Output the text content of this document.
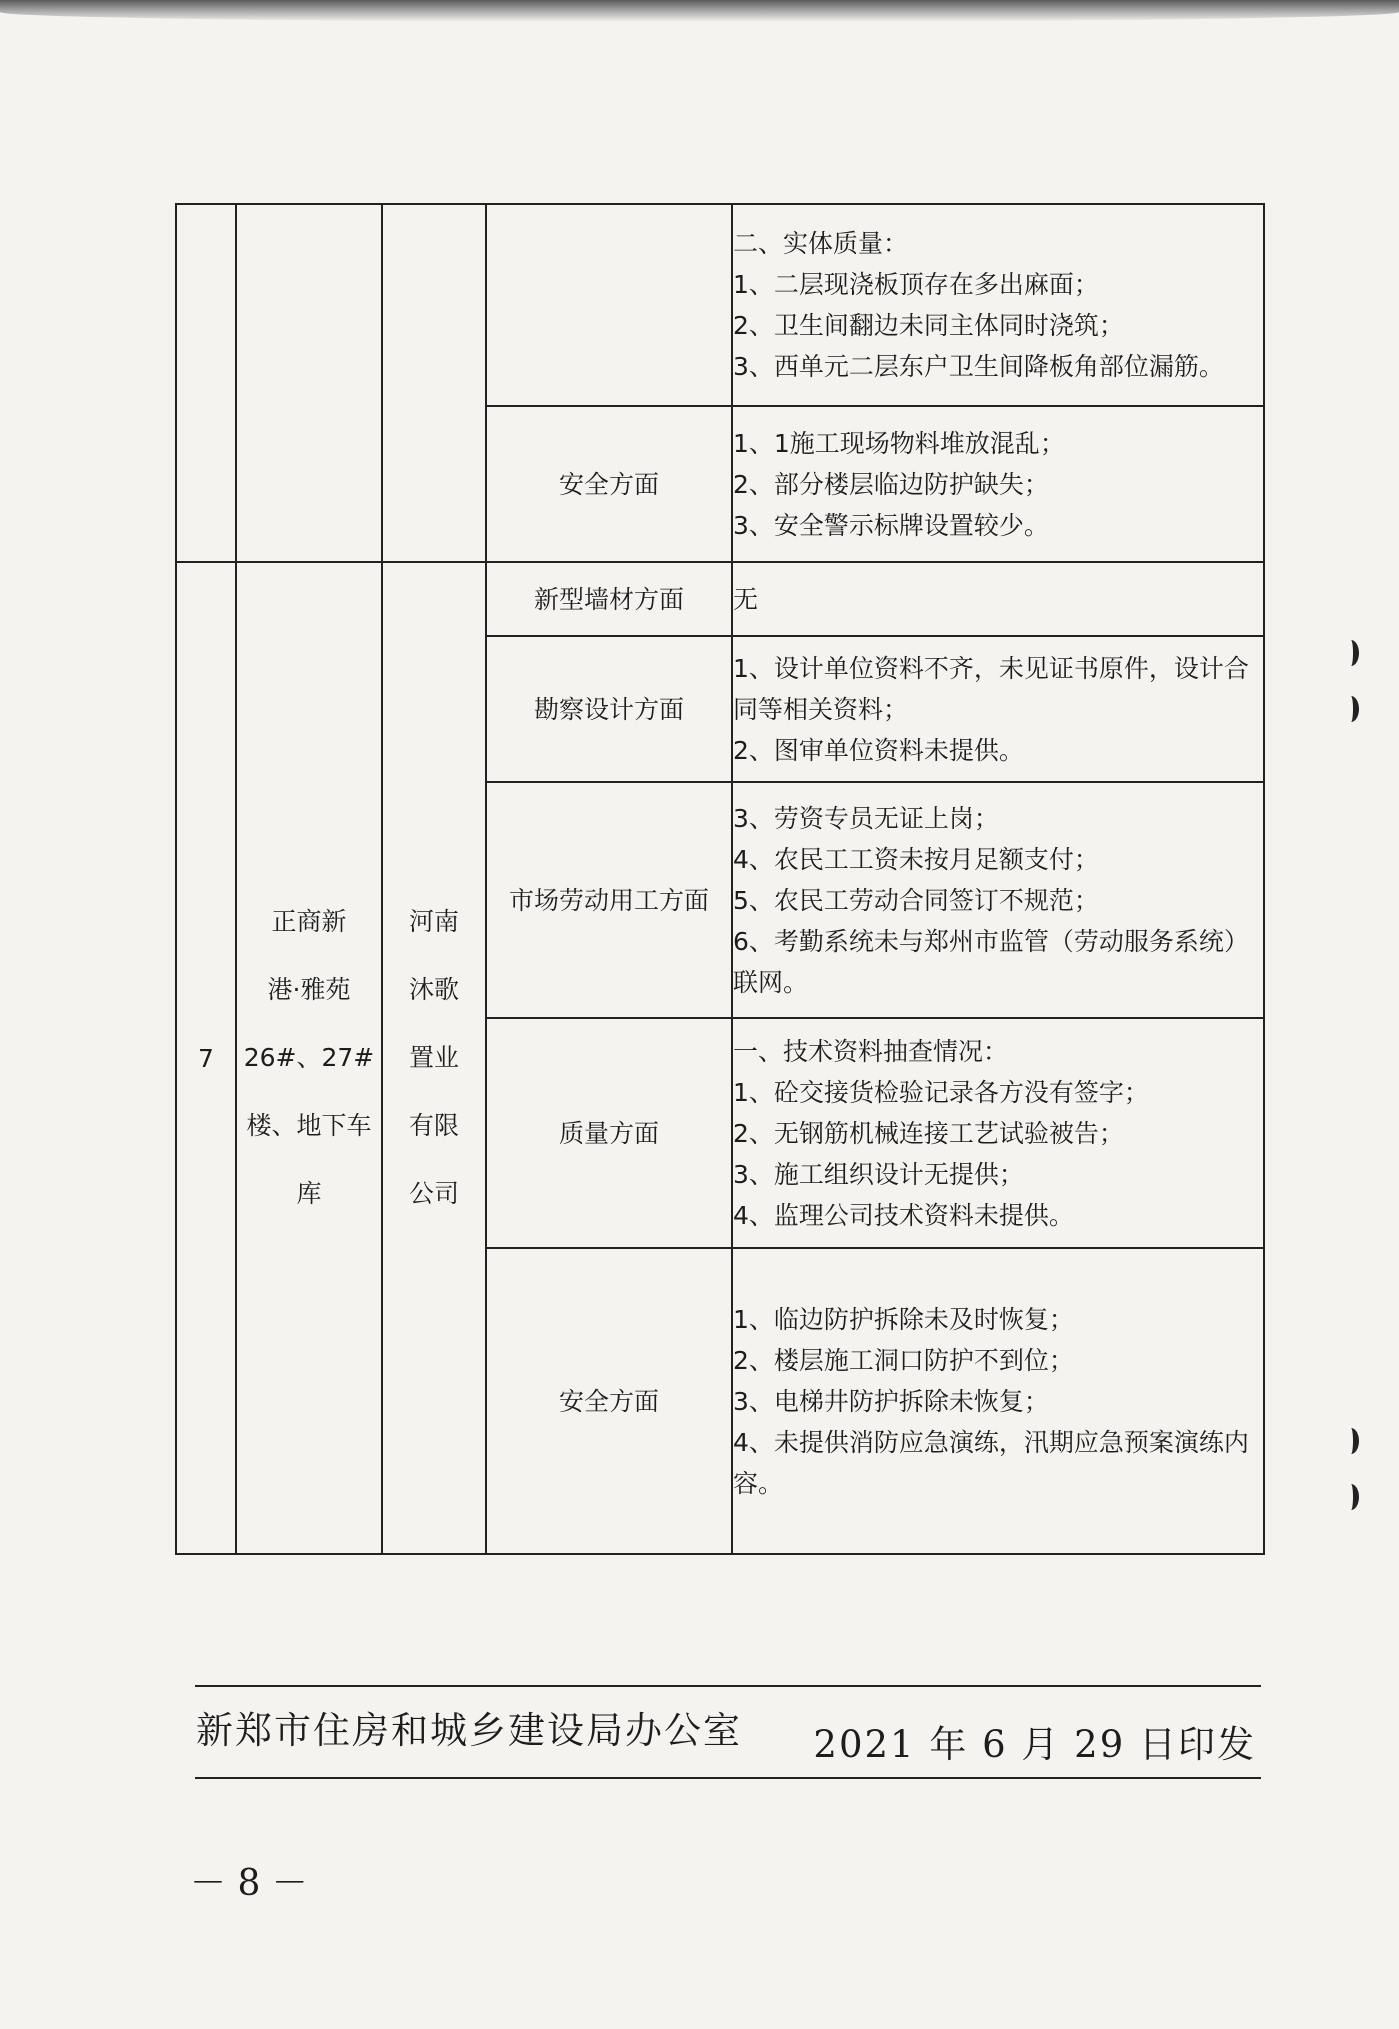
				二、实体质量：
1、二层现浇板顶存在多出麻面；
2、卫生间翻边未同主体同时浇筑；
3、西单元二层东户卫生间降板角部位漏筋。

			安全方面	1、1施工现场物料堆放混乱；
2、部分楼层临边防护缺失；
3、安全警示标牌设置较少。

7	正商新
港·雅苑
26#、27#
楼、地下车
库	河南
沐歌
置业
有限
公司	新型墙材方面	无

			勘察设计方面	1、设计单位资料不齐，未见证书原件，设计合同等相关资料；
2、图审单位资料未提供。

			市场劳动用工方面	3、劳资专员无证上岗；
4、农民工工资未按月足额支付；
5、农民工劳动合同签订不规范；
6、考勤系统未与郑州市监管（劳动服务系统）联网。

			质量方面	一、技术资料抽查情况：
1、砼交接货检验记录各方没有签字；
2、无钢筋机械连接工艺试验被告；
3、施工组织设计无提供；
4、监理公司技术资料未提供。

			安全方面	1、临边防护拆除未及时恢复；
2、楼层施工洞口防护不到位；
3、电梯井防护拆除未恢复；
4、未提供消防应急演练，汛期应急预案演练内容。
新郑市住房和城乡建设局办公室 2021 年 6 月 29 日印发
－ 8 －
